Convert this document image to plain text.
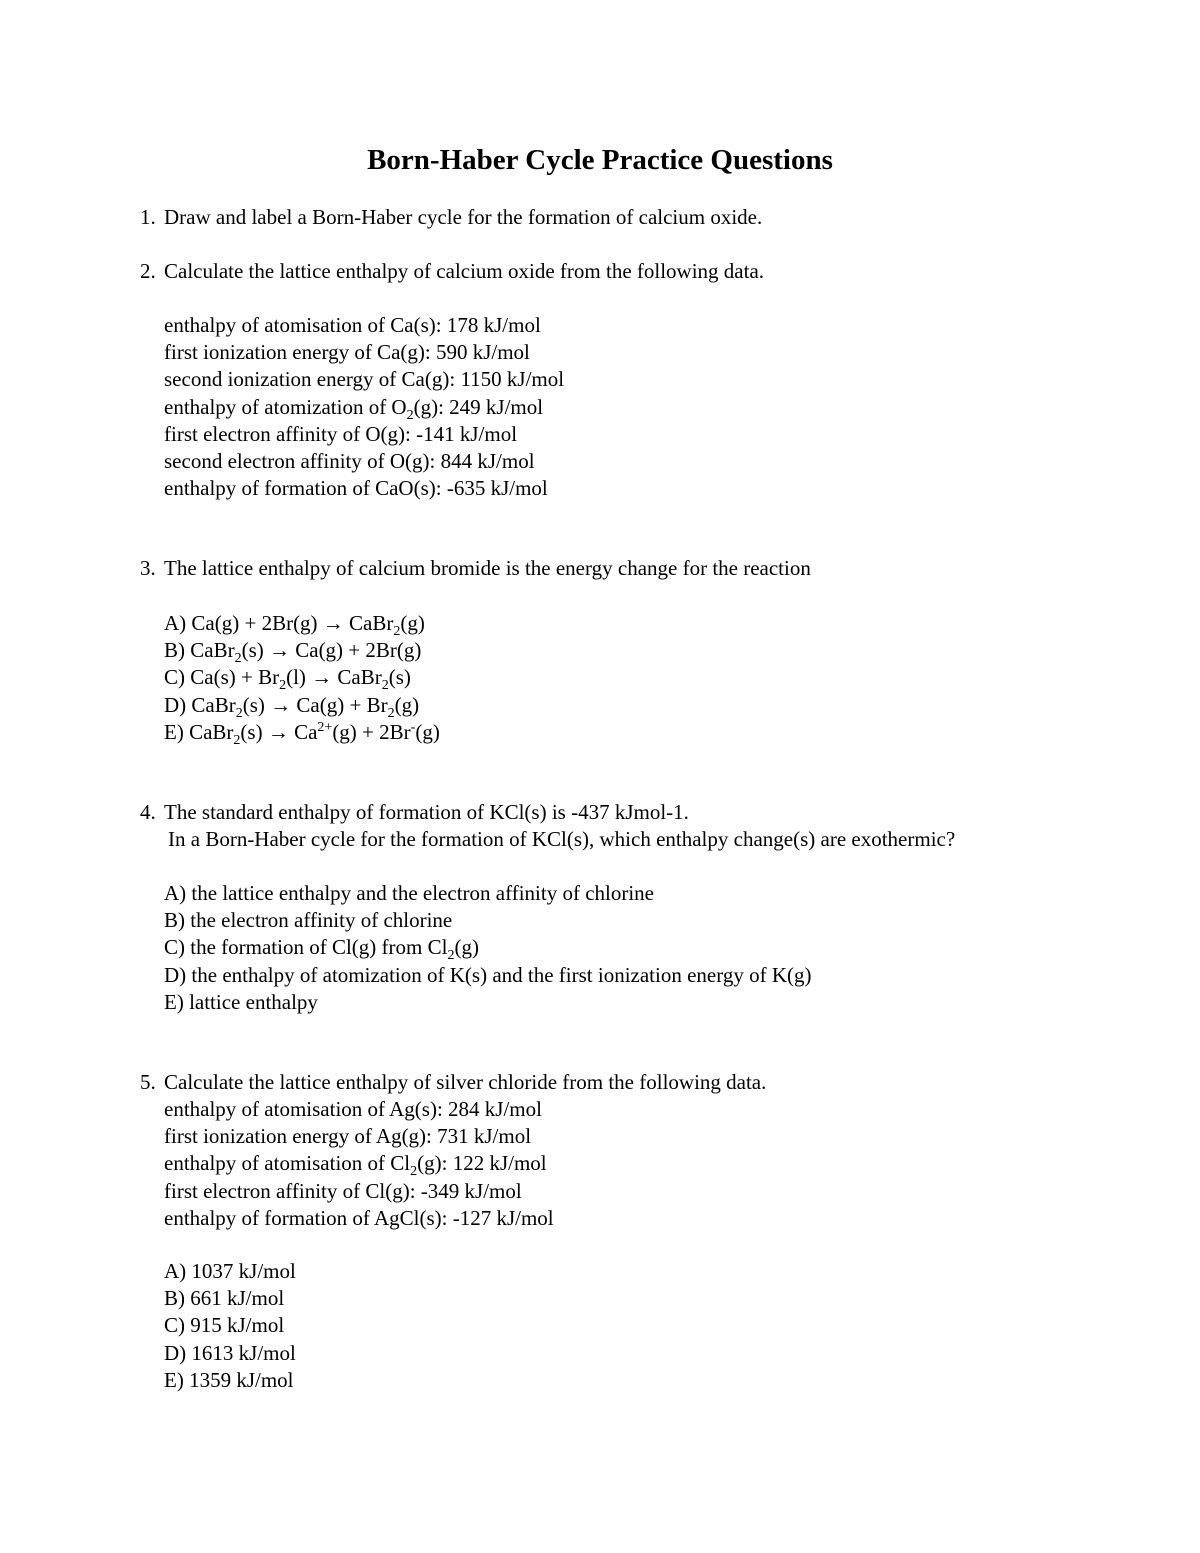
Born-Haber Cycle Practice Questions
1. Draw and label a Born-Haber cycle for the formation of calcium oxide.
2. Calculate the lattice enthalpy of calcium oxide from the following data.
enthalpy of atomisation of Ca(s): 178 kJ/mol
first ionization energy of Ca(g): 590 kJ/mol
second ionization energy of Ca(g): 1150 kJ/mol
enthalpy of atomization of $O_2(g)$: 249 kJ/mol
first electron affinity of O(g): -141 kJ/mol
second electron affinity of O(g): 844 kJ/mol
enthalpy of formation of CaO(s): -635 kJ/mol
3. The lattice enthalpy of calcium bromide is the energy change for the reaction
A) Ca(g) + 2Br(g) → CaBr$_2$(g)
B) CaBr$_2$(s) → Ca(g) + 2Br(g)
C) $Ca(s) + Br_2(l)$ → CaBr$_2$(s)
D) CaBr$_2$(s) → $Ca(g) + Br_2(g)$
E) CaBr$_2$(s) → $Ca^{2+}(g) + 2Br^-(g)$
4. The standard enthalpy of formation of KCl(s) is -437 kJmol-1.
In a Born-Haber cycle for the formation of KCl(s), which enthalpy change(s) are exothermic?
A) the lattice enthalpy and the electron affinity of chlorine
B) the electron affinity of chlorine
C) the formation of Cl(g) from $Cl_2(g)$
D) the enthalpy of atomization of K(s) and the first ionization energy of K(g)
E) lattice enthalpy
5. Calculate the lattice enthalpy of silver chloride from the following data.
enthalpy of atomisation of Ag(s): 284 kJ/mol
first ionization energy of Ag(g): 731 kJ/mol
enthalpy of atomisation of $Cl_2(g)$: 122 kJ/mol
first electron affinity of Cl(g): -349 kJ/mol
enthalpy of formation of AgCl(s): -127 kJ/mol
A) 1037 kJ/mol
B) 661 kJ/mol
C) 915 kJ/mol
D) 1613 kJ/mol
E) 1359 kJ/mol
